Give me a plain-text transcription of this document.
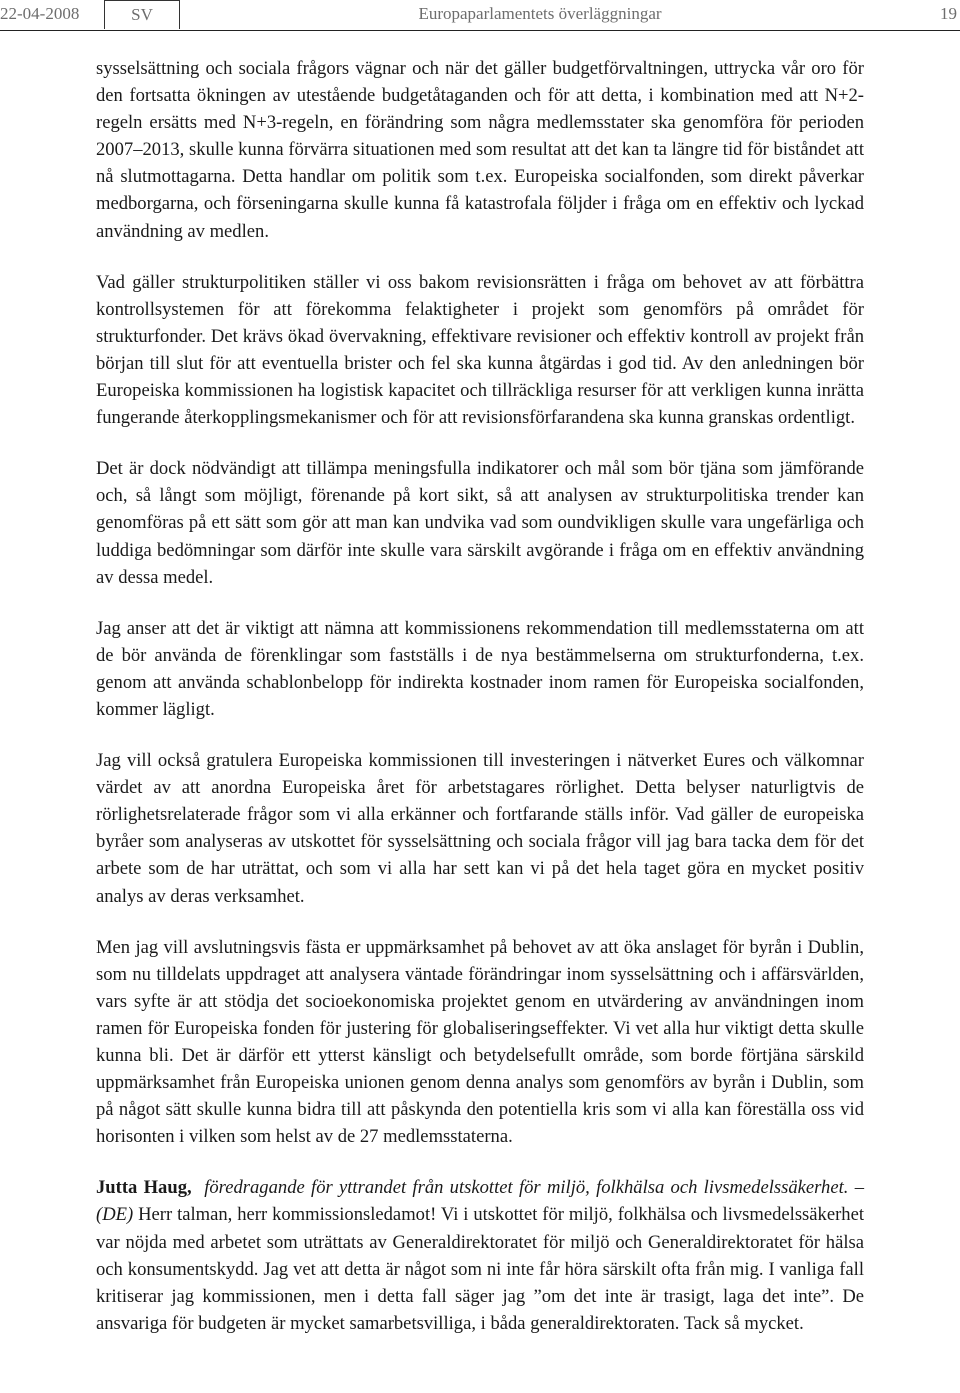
22-04-2008	SV	Europaparlamentets överläggningar	19

sysselsättning och sociala frågors vägnar och när det gäller budgetförvaltningen, uttrycka vår oro för den fortsatta ökningen av utestående budgetåtaganden och för att detta, i kombination med att N+2-regeln ersätts med N+3-regeln, en förändring som några medlemsstater ska genomföra för perioden 2007–2013, skulle kunna förvärra situationen med som resultat att det kan ta längre tid för biståndet att nå slutmottagarna. Detta handlar om politik som t.ex. Europeiska socialfonden, som direkt påverkar medborgarna, och förseningarna skulle kunna få katastrofala följder i fråga om en effektiv och lyckad användning av medlen.

Vad gäller strukturpolitiken ställer vi oss bakom revisionsrätten i fråga om behovet av att förbättra kontrollsystemen för att förekomma felaktigheter i projekt som genomförs på området för strukturfonder. Det krävs ökad övervakning, effektivare revisioner och effektiv kontroll av projekt från början till slut för att eventuella brister och fel ska kunna åtgärdas i god tid. Av den anledningen bör Europeiska kommissionen ha logistisk kapacitet och tillräckliga resurser för att verkligen kunna inrätta fungerande återkopplingsmekanismer och för att revisionsförfarandena ska kunna granskas ordentligt.

Det är dock nödvändigt att tillämpa meningsfulla indikatorer och mål som bör tjäna som jämförande och, så långt som möjligt, förenande på kort sikt, så att analysen av strukturpolitiska trender kan genomföras på ett sätt som gör att man kan undvika vad som oundvikligen skulle vara ungefärliga och luddiga bedömningar som därför inte skulle vara särskilt avgörande i fråga om en effektiv användning av dessa medel.

Jag anser att det är viktigt att nämna att kommissionens rekommendation till medlemsstaterna om att de bör använda de förenklingar som fastställs i de nya bestämmelserna om strukturfonderna, t.ex. genom att använda schablonbelopp för indirekta kostnader inom ramen för Europeiska socialfonden, kommer lägligt.

Jag vill också gratulera Europeiska kommissionen till investeringen i nätverket Eures och välkomnar värdet av att anordna Europeiska året för arbetstagares rörlighet. Detta belyser naturligtvis de rörlighetsrelaterade frågor som vi alla erkänner och fortfarande ställs inför. Vad gäller de europeiska byråer som analyseras av utskottet för sysselsättning och sociala frågor vill jag bara tacka dem för det arbete som de har uträttat, och som vi alla har sett kan vi på det hela taget göra en mycket positiv analys av deras verksamhet.

Men jag vill avslutningsvis fästa er uppmärksamhet på behovet av att öka anslaget för byrån i Dublin, som nu tilldelats uppdraget att analysera väntade förändringar inom sysselsättning och i affärsvärlden, vars syfte är att stödja det socioekonomiska projektet genom en utvärdering av användningen inom ramen för Europeiska fonden för justering för globaliseringseffekter. Vi vet alla hur viktigt detta skulle kunna bli. Det är därför ett ytterst känsligt och betydelsefullt område, som borde förtjäna särskild uppmärksamhet från Europeiska unionen genom denna analys som genomförs av byrån i Dublin, som på något sätt skulle kunna bidra till att påskynda den potentiella kris som vi alla kan föreställa oss vid horisonten i vilken som helst av de 27 medlemsstaterna.

Jutta Haug, föredragande för yttrandet från utskottet för miljö, folkhälsa och livsmedelssäkerhet. – (DE) Herr talman, herr kommissionsledamot! Vi i utskottet för miljö, folkhälsa och livsmedelssäkerhet var nöjda med arbetet som uträttats av Generaldirektoratet för miljö och Generaldirektoratet för hälsa och konsumentskydd. Jag vet att detta är något som ni inte får höra särskilt ofta från mig. I vanliga fall kritiserar jag kommissionen, men i detta fall säger jag ”om det inte är trasigt, laga det inte”. De ansvariga för budgeten är mycket samarbetsvilliga, i båda generaldirektoraten. Tack så mycket.
